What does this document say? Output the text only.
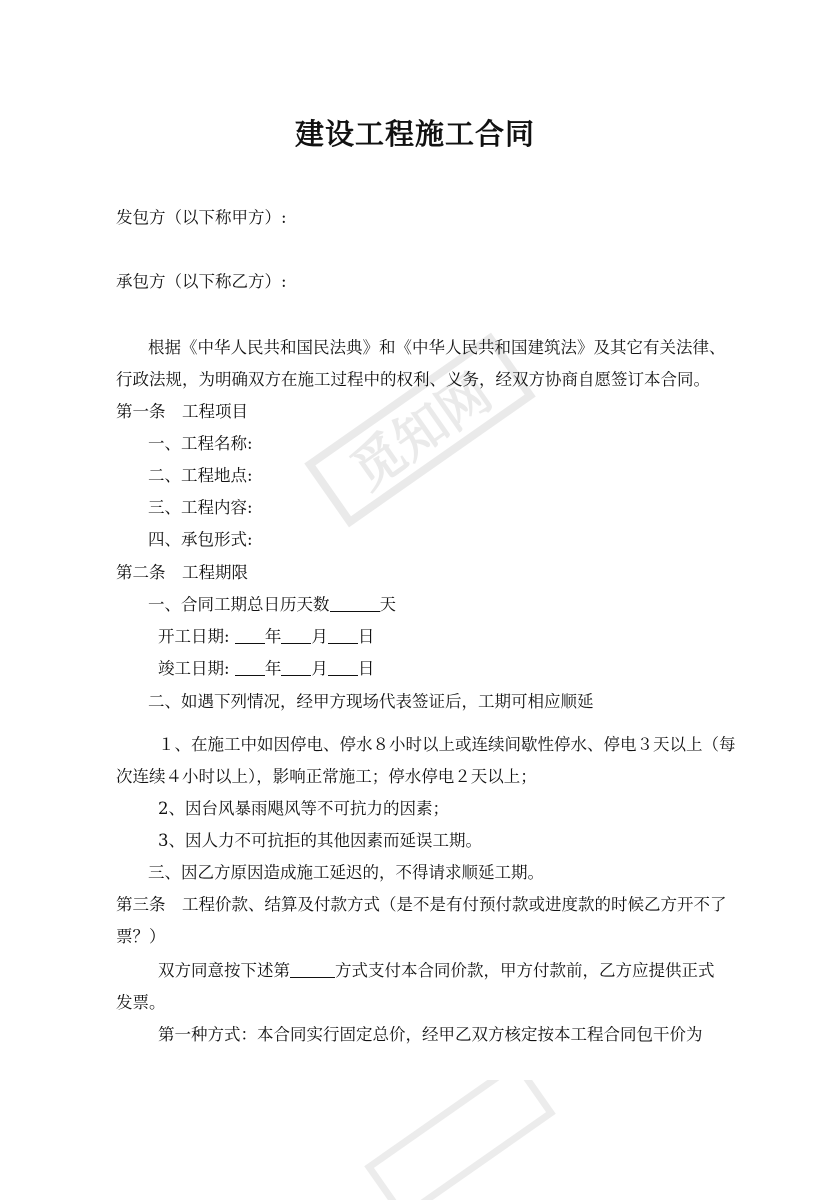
觅知网
建设工程施工合同
发包方（以下称甲方）:
承包方（以下称乙方）:
根据《中华人民共和国民法典》和《中华人民共和国建筑法》及其它有关法律、
行政法规，为明确双方在施工过程中的权利、义务，经双方协商自愿签订本合同。
第一条　工程项目
一、工程名称:
二、工程地点:
三、工程内容:
四、承包形式:
第二条　工程期限
一、合同工期总日历天数	天
开工日期: 年 月 日
竣工日期: 年 月 日
二、如遇下列情况，经甲方现场代表签证后，工期可相应顺延
１、在施工中如因停电、停水８小时以上或连续间歇性停水、停电３天以上（每
次连续４小时以上），影响正常施工；停水停电２天以上；
2、因台风暴雨飓风等不可抗力的因素；
3、因人力不可抗拒的其他因素而延误工期。
三、因乙方原因造成施工延迟的，不得请求顺延工期。
第三条　工程价款、结算及付款方式（是不是有付预付款或进度款的时候乙方开不了
票？）
双方同意按下述第	方式支付本合同价款，甲方付款前，乙方应提供正式
发票。
第一种方式：本合同实行固定总价，经甲乙双方核定按本工程合同包干价为
